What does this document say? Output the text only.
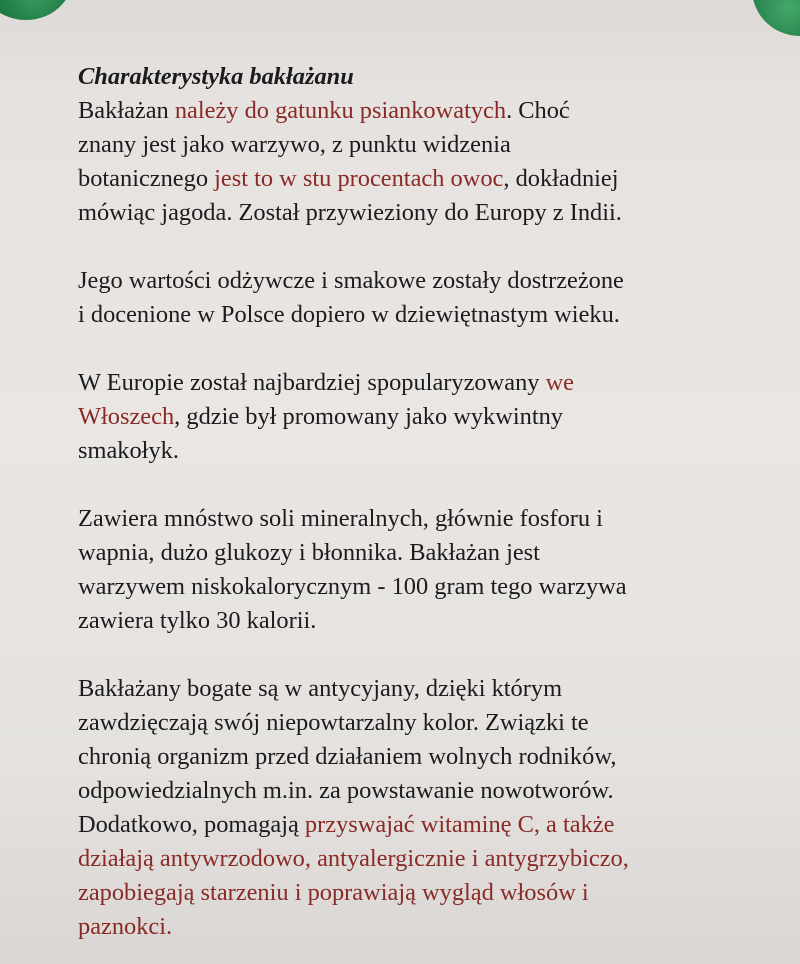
Charakterystyka bakłażanu
Bakłażan należy do gatunku psiankowatych. Choć
znany jest jako warzywo, z punktu widzenia
botanicznego jest to w stu procentach owoc, dokładniej
mówiąc jagoda. Został przywieziony do Europy z Indii.
Jego wartości odżywcze i smakowe zostały dostrzeżone
i docenione w Polsce dopiero w dziewiętnastym wieku.
W Europie został najbardziej spopularyzowany we
Włoszech, gdzie był promowany jako wykwintny
smakołyk.
Zawiera mnóstwo soli mineralnych, głównie fosforu i
wapnia, dużo glukozy i błonnika. Bakłażan jest
warzywem niskokalorycznym - 100 gram tego warzywa
zawiera tylko 30 kalorii.
Bakłażany bogate są w antycyjany, dzięki którym
zawdzięczają swój niepowtarzalny kolor. Związki te
chronią organizm przed działaniem wolnych rodników,
odpowiedzialnych m.in. za powstawanie nowotworów.
Dodatkowo, pomagają przyswajać witaminę C, a także
działają antywrzodowo, antyalergicznie i antygrzybiczo,
zapobiegają starzeniu i poprawiają wygląd włosów i
paznokci.
